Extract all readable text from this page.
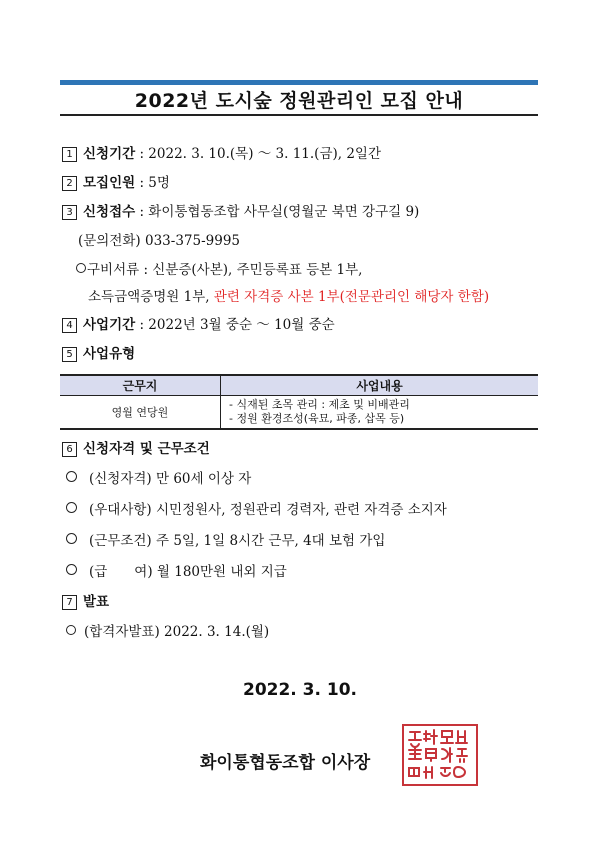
2022년 도시숲 정원관리인 모집 안내
1 신청기간 : 2022. 3. 10.(목) ～ 3. 11.(금), 2일간
2 모집인원 : 5명
3 신청접수 : 화이통협동조합 사무실(영월군 북면 강구길 9)
(문의전화) 033-375-9995
구비서류 : 신분증(사본), 주민등록표 등본 1부,
소득금액증명원 1부, 관련 자격증 사본 1부(전문관리인 해당자 한함)
4 사업기간 : 2022년 3월 중순 ～ 10월 중순
5 사업유형
근무지	사업내용
영월 연당원	- 식재된 초목 관리 : 제초 및 비배관리
- 정원 환경조성(육묘, 파종, 삽목 등)
6 신청자격 및 근무조건
(신청자격) 만 60세 이상 자
(우대사항) 시민정원사, 정원관리 경력자, 관련 자격증 소지자
(근무조건) 주 5일, 1일 8시간 근무, 4대 보험 가입
(급　　여) 월 180만원 내외 지급
7 발표
(합격자발표) 2022. 3. 14.(월)
2022. 3. 10.
화이통협동조합 이사장
